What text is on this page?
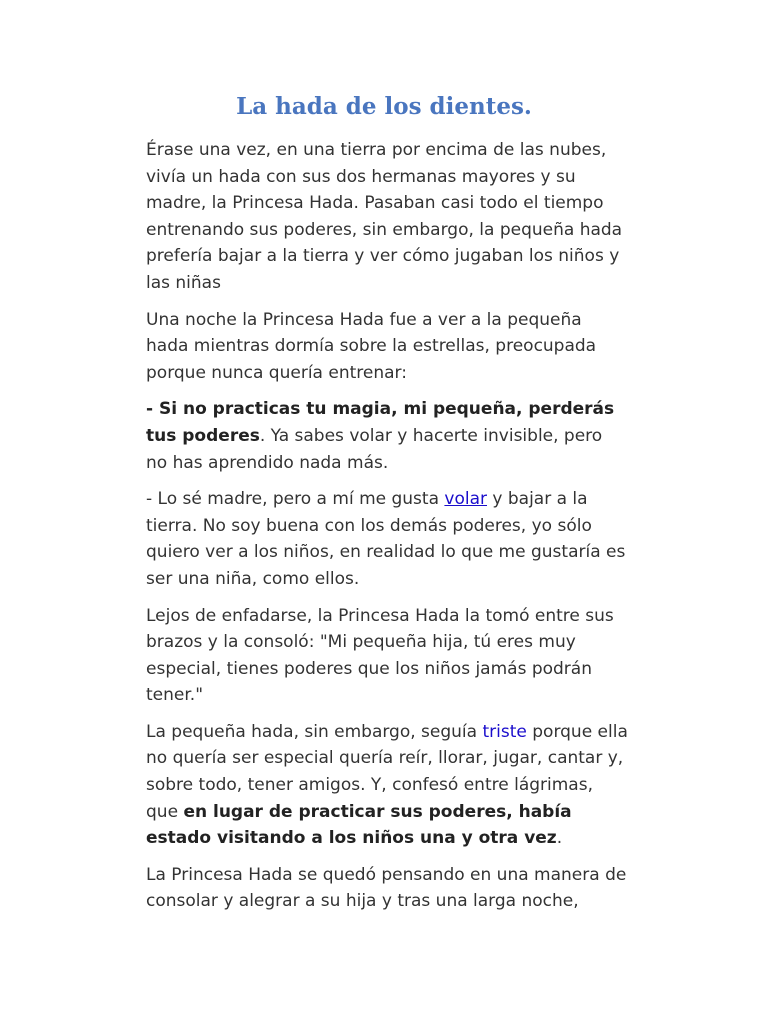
La hada de los dientes.

Érase una vez, en una tierra por encima de las nubes, vivía un hada con sus dos hermanas mayores y su madre, la Princesa Hada. Pasaban casi todo el tiempo entrenando sus poderes, sin embargo, la pequeña hada prefería bajar a la tierra y ver cómo jugaban los niños y las niñas

Una noche la Princesa Hada fue a ver a la pequeña hada mientras dormía sobre la estrellas, preocupada porque nunca quería entrenar:

- Si no practicas tu magia, mi pequeña, perderás tus poderes. Ya sabes volar y hacerte invisible, pero no has aprendido nada más.

- Lo sé madre, pero a mí me gusta volar y bajar a la tierra. No soy buena con los demás poderes, yo sólo quiero ver a los niños, en realidad lo que me gustaría es ser una niña, como ellos.

Lejos de enfadarse, la Princesa Hada la tomó entre sus brazos y la consoló: "Mi pequeña hija, tú eres muy especial, tienes poderes que los niños jamás podrán tener."

La pequeña hada, sin embargo, seguía triste porque ella no quería ser especial quería reír, llorar, jugar, cantar y, sobre todo, tener amigos. Y, confesó entre lágrimas, que en lugar de practicar sus poderes, había estado visitando a los niños una y otra vez.

La Princesa Hada se quedó pensando en una manera de consolar y alegrar a su hija y tras una larga noche,
